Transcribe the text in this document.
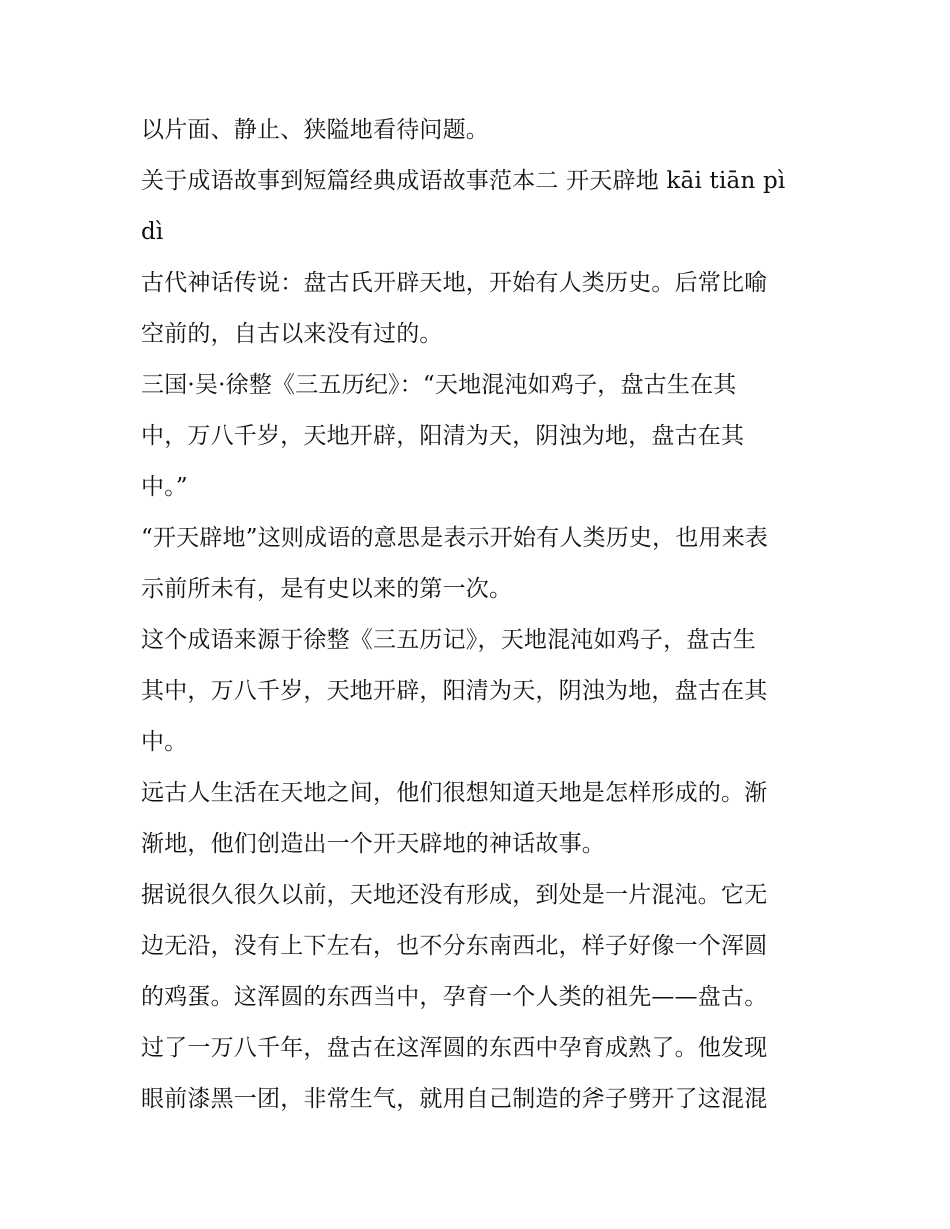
以片面、静止、狭隘地看待问题。
关于成语故事到短篇经典成语故事范本二 开天辟地 kāi tiān pì
dì
古代神话传说：盘古氏开辟天地，开始有人类历史。后常比喻
空前的，自古以来没有过的。
三国·吴·徐整《三五历纪》：“天地混沌如鸡子，盘古生在其
中，万八千岁，天地开辟，阳清为天，阴浊为地，盘古在其
中。”
“开天辟地”这则成语的意思是表示开始有人类历史，也用来表
示前所未有，是有史以来的第一次。
这个成语来源于徐整《三五历记》，天地混沌如鸡子，盘古生
其中，万八千岁，天地开辟，阳清为天，阴浊为地，盘古在其
中。
远古人生活在天地之间，他们很想知道天地是怎样形成的。渐
渐地，他们创造出一个开天辟地的神话故事。
据说很久很久以前，天地还没有形成，到处是一片混沌。它无
边无沿，没有上下左右，也不分东南西北，样子好像一个浑圆
的鸡蛋。这浑圆的东西当中，孕育一个人类的祖先——盘古。
过了一万八千年，盘古在这浑圆的东西中孕育成熟了。他发现
眼前漆黑一团，非常生气，就用自己制造的斧子劈开了这混混
